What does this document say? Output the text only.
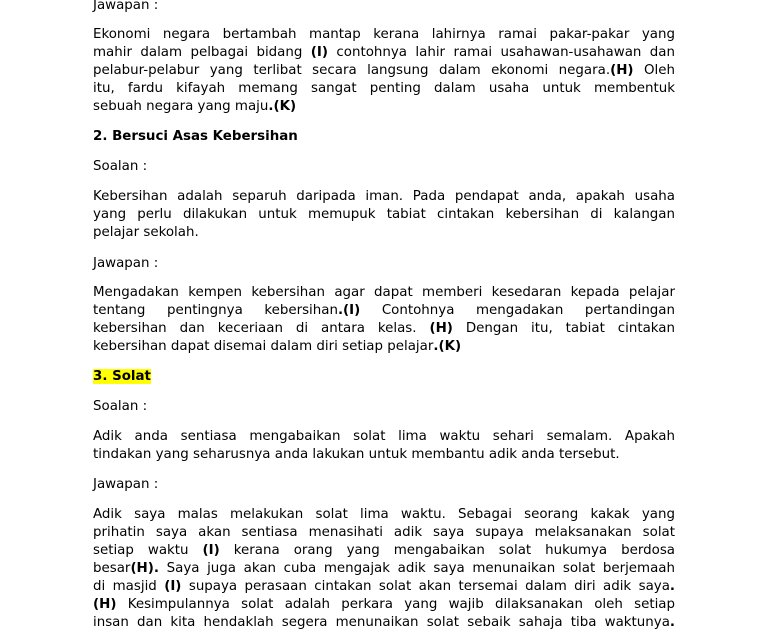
Jawapan :

Ekonomi negara bertambah mantap kerana lahirnya ramai pakar-pakar yang
mahir dalam pelbagai bidang (I) contohnya lahir ramai usahawan-usahawan dan
pelabur-pelabur yang terlibat secara langsung dalam ekonomi negara.(H) Oleh
itu, fardu kifayah memang sangat penting dalam usaha untuk membentuk
sebuah negara yang maju.(K)

2. Bersuci Asas Kebersihan

Soalan :

Kebersihan adalah separuh daripada iman. Pada pendapat anda, apakah usaha
yang perlu dilakukan untuk memupuk tabiat cintakan kebersihan di kalangan
pelajar sekolah.

Jawapan :

Mengadakan kempen kebersihan agar dapat memberi kesedaran kepada pelajar
tentang pentingnya kebersihan.(I) Contohnya mengadakan pertandingan
kebersihan dan keceriaan di antara kelas. (H) Dengan itu, tabiat cintakan
kebersihan dapat disemai dalam diri setiap pelajar.(K)

3. Solat

Soalan :

Adik anda sentiasa mengabaikan solat lima waktu sehari semalam. Apakah
tindakan yang seharusnya anda lakukan untuk membantu adik anda tersebut.

Jawapan :

Adik saya malas melakukan solat lima waktu. Sebagai seorang kakak yang
prihatin saya akan sentiasa menasihati adik saya supaya melaksanakan solat
setiap waktu (I) kerana orang yang mengabaikan solat hukumya berdosa
besar(H). Saya juga akan cuba mengajak adik saya menunaikan solat berjemaah
di masjid (I) supaya perasaan cintakan solat akan tersemai dalam diri adik saya.
(H) Kesimpulannya solat adalah perkara yang wajib dilaksanakan oleh setiap
insan dan kita hendaklah segera menunaikan solat sebaik sahaja tiba waktunya.
